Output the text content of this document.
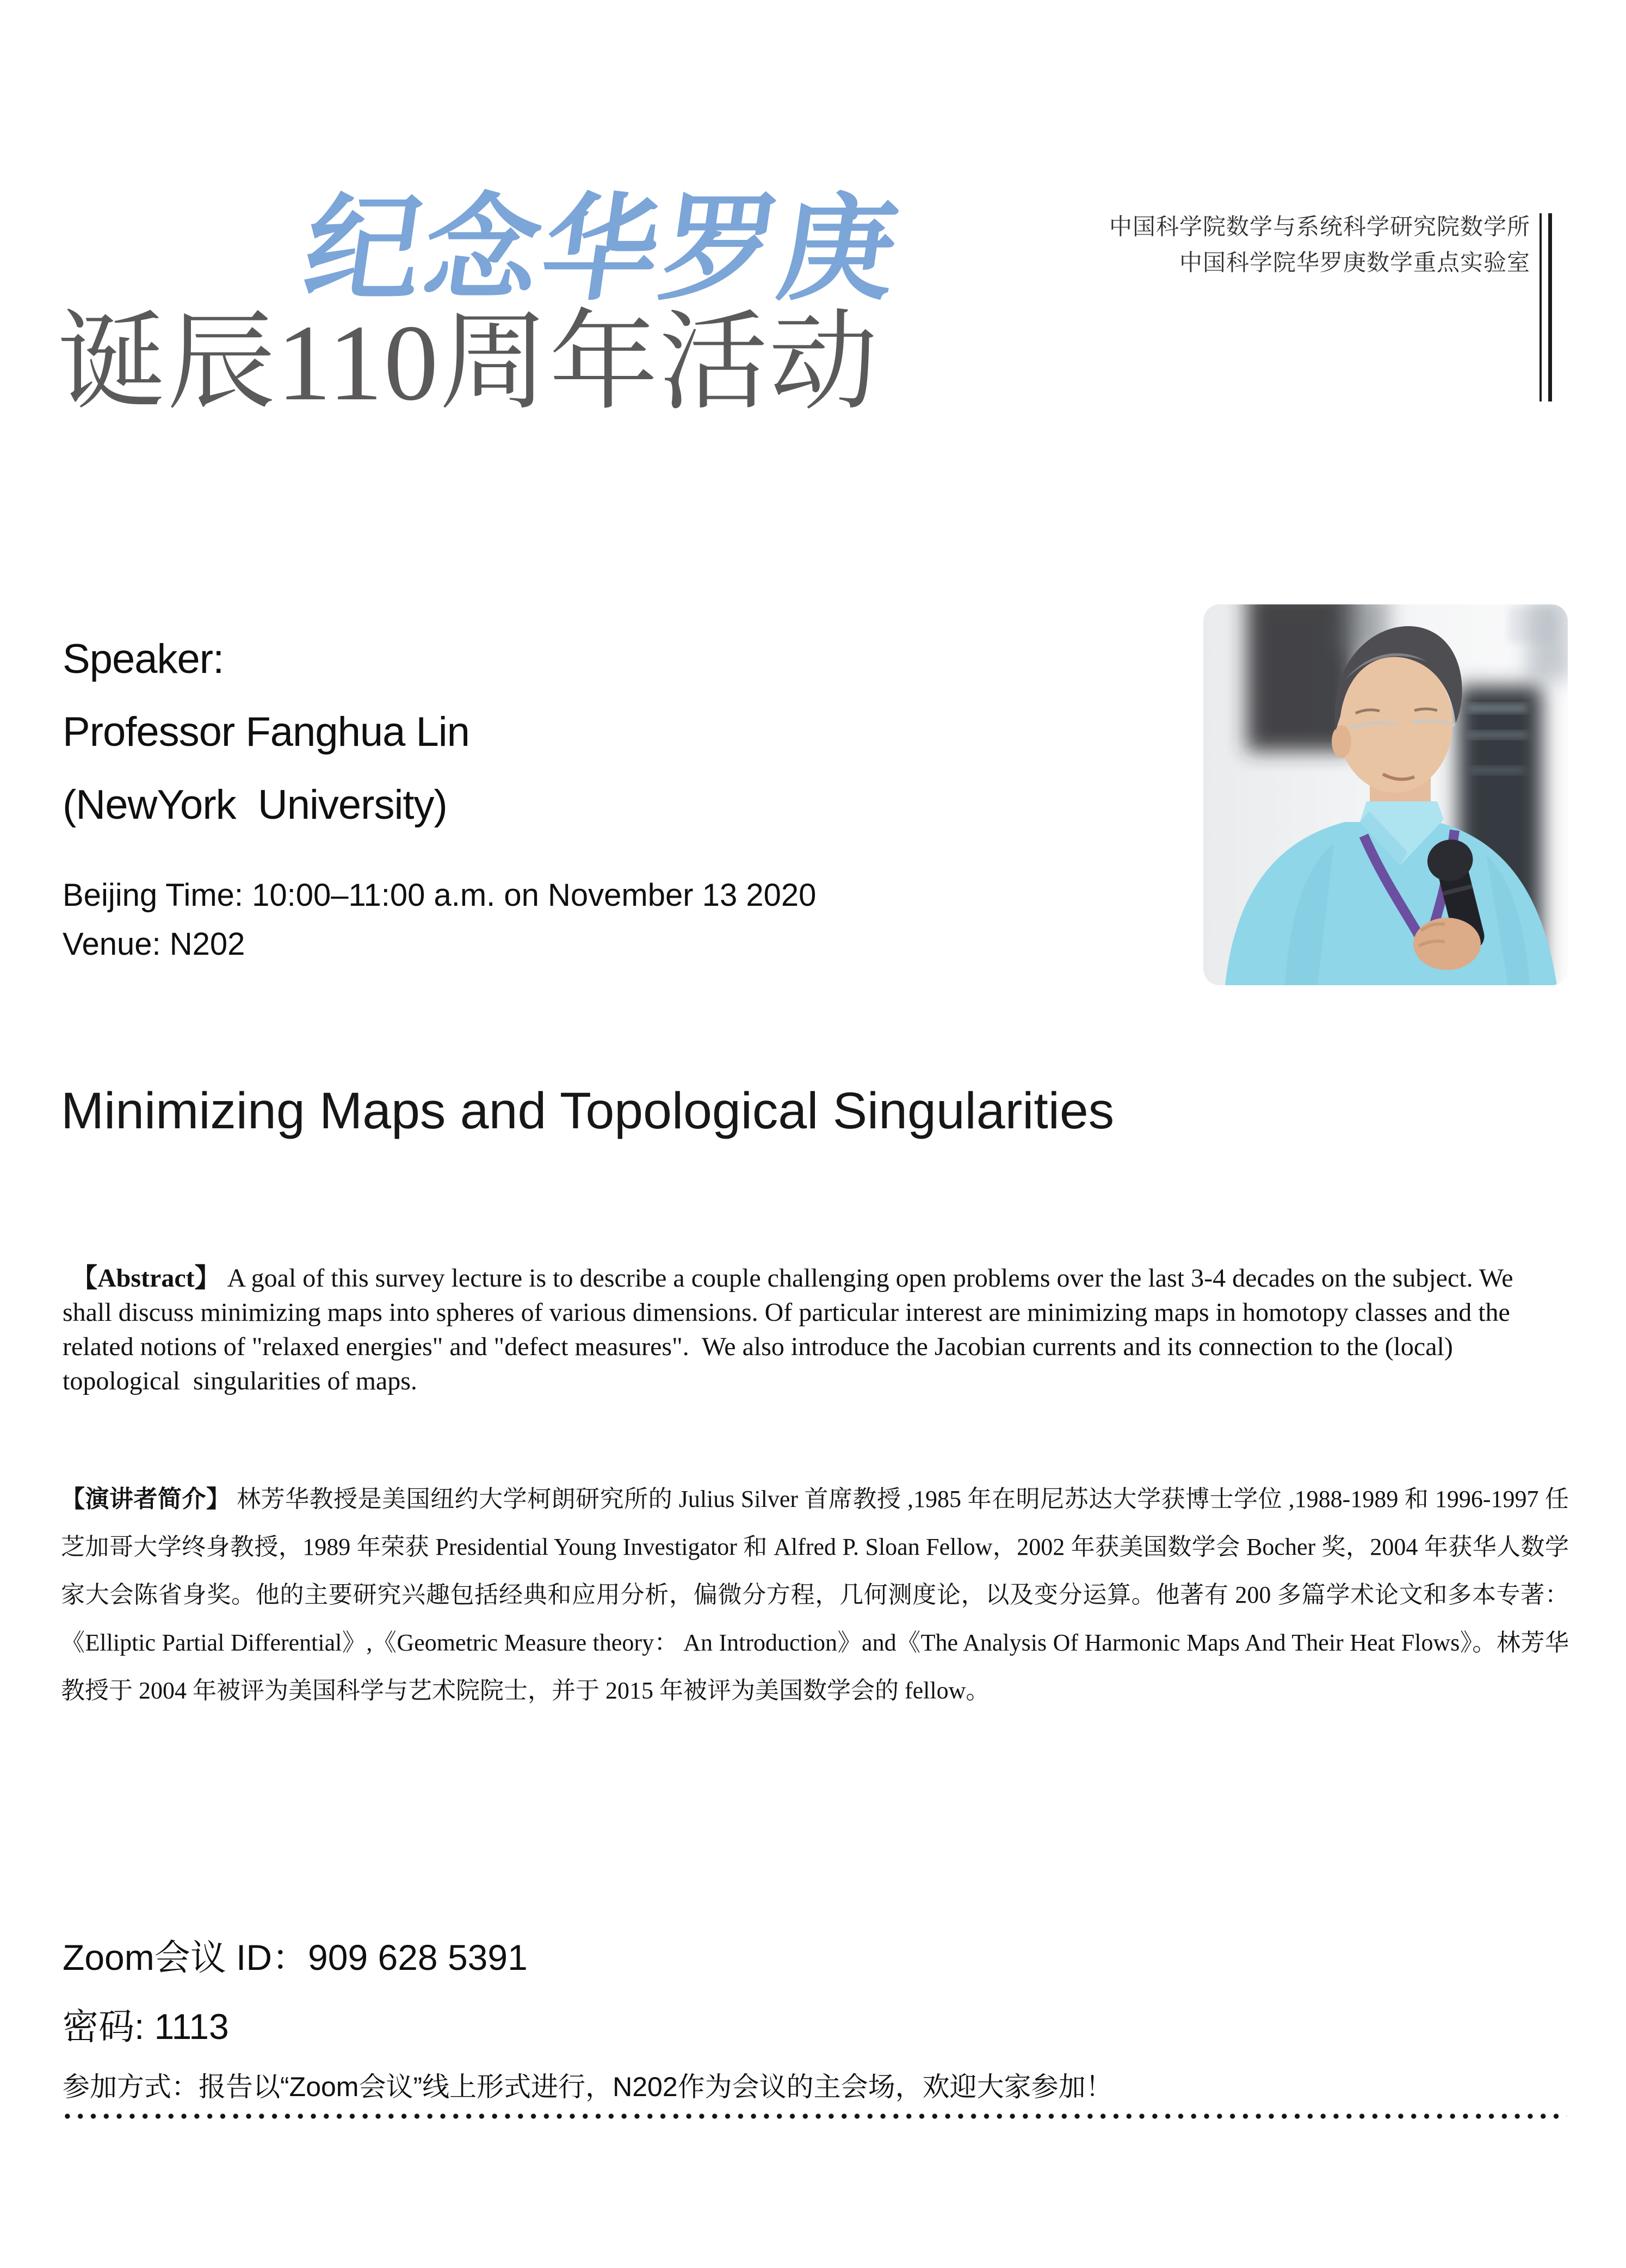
纪念华罗庚
诞辰110周年活动
中国科学院数学与系统科学研究院数学所
中国科学院华罗庚数学重点实验室
Speaker:
Professor Fanghua Lin
(NewYork  University)
Beijing Time: 10:00–11:00 a.m. on November 13 2020
Venue: N202
Minimizing Maps and Topological Singularities

【Abstract】 A goal of this survey lecture is to describe a couple challenging open problems over the last 3-4 decades on the subject. We shall discuss minimizing maps into spheres of various dimensions. Of particular interest are minimizing maps in homotopy classes and the  related notions of "relaxed energies" and "defect measures".  We also introduce the Jacobian currents and its connection to the (local) topological  singularities of maps.

【演讲者简介】 林芳华教授是美国纽约大学柯朗研究所的 Julius Silver 首席教授 ,1985 年在明尼苏达大学获博士学位 ,1988-1989 和 1996-1997 任芝加哥大学终身教授，1989 年荣获 Presidential Young Investigator 和 Alfred P. Sloan Fellow，2002 年获美国数学会 Bocher 奖，2004 年获华人数学家大会陈省身奖。他的主要研究兴趣包括经典和应用分析，偏微分方程，几何测度论，以及变分运算。他著有 200 多篇学术论文和多本专著：《Elliptic Partial Differential》,《Geometric Measure theory： An Introduction》and《The Analysis Of Harmonic Maps And Their Heat Flows》。林芳华教授于 2004 年被评为美国科学与艺术院院士，并于 2015 年被评为美国数学会的 fellow。

Zoom会议 ID：909 628 5391
密码: 1113
参加方式：报告以“Zoom会议”线上形式进行，N202作为会议的主会场，欢迎大家参加！
